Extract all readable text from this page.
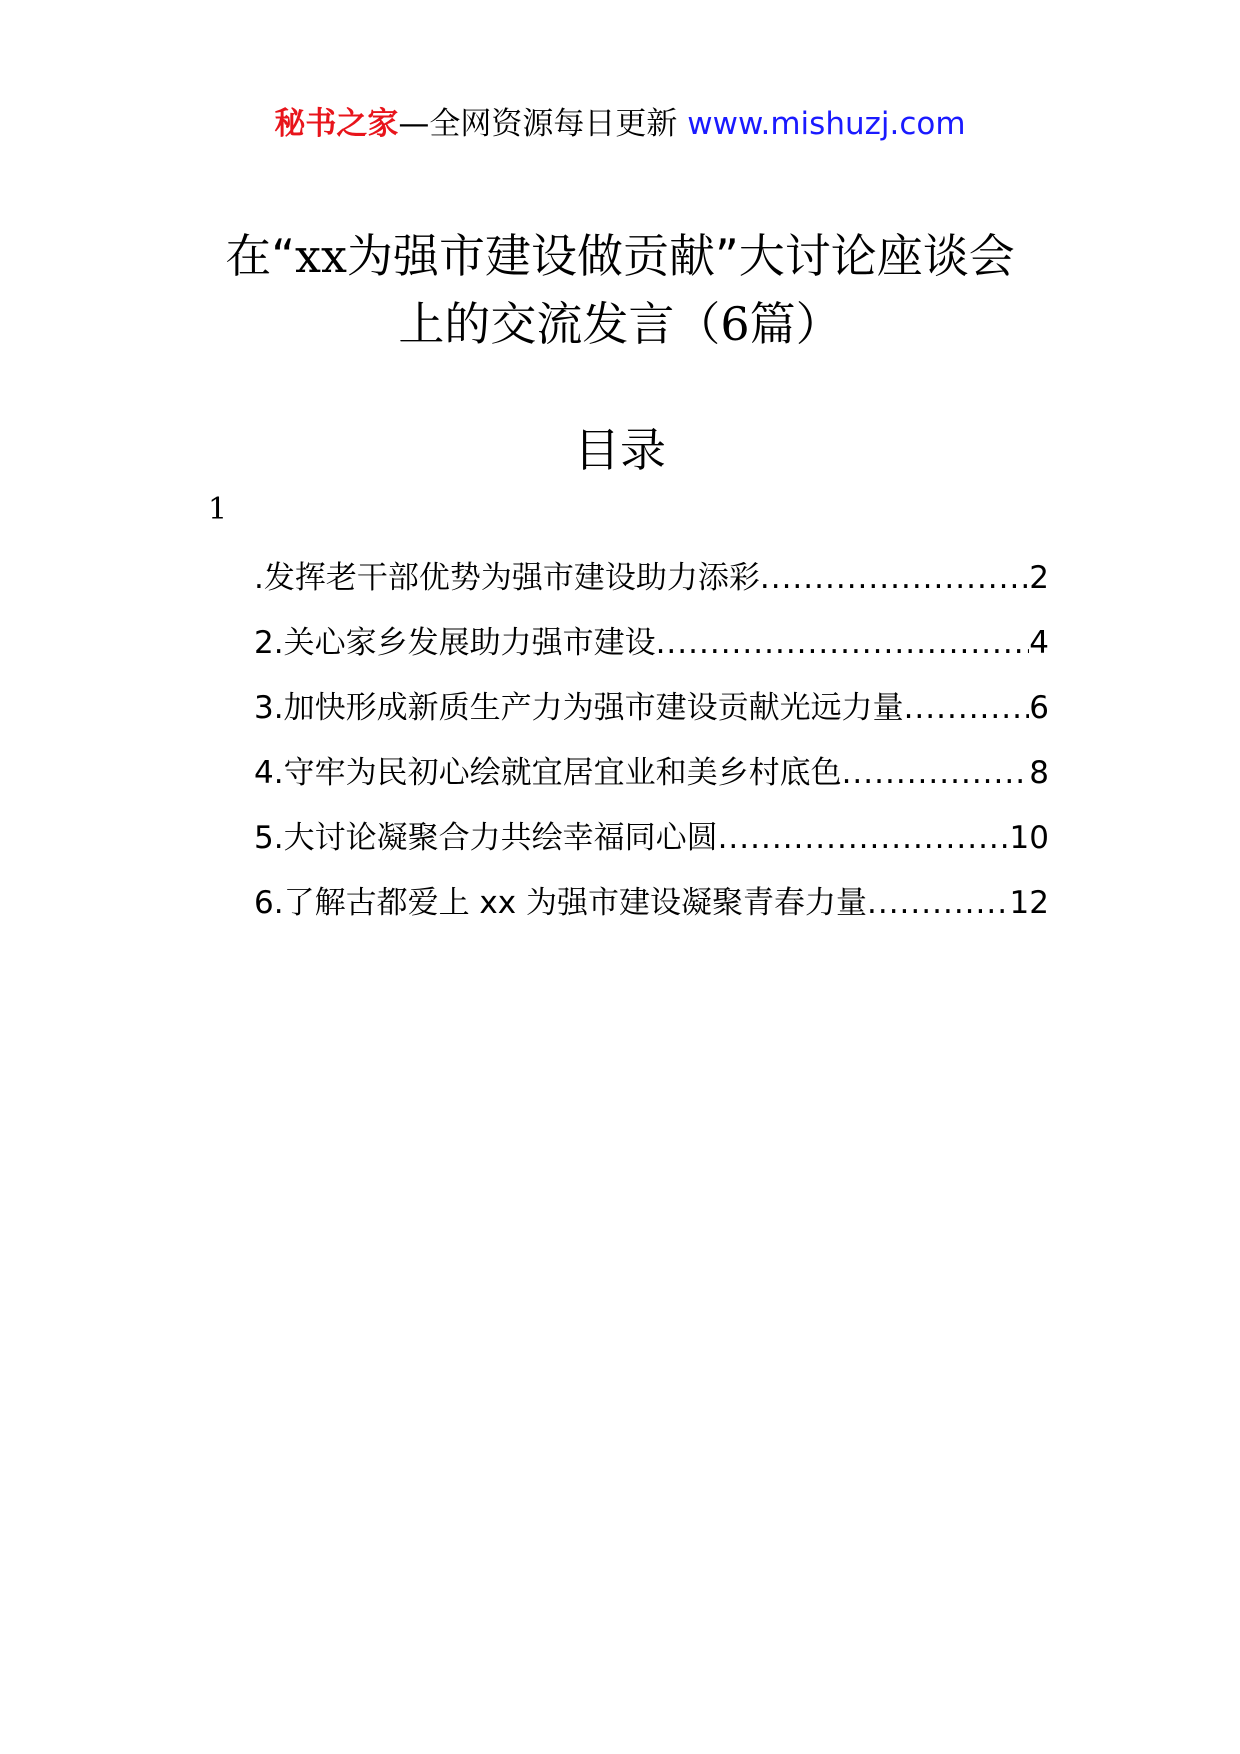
秘书之家—全网资源每日更新 www.mishuzj.com
在“xx为强市建设做贡献”大讨论座谈会
上的交流发言（6篇）
目录
1
.发挥老干部优势为强市建设助力添彩 .....	2
2.关心家乡发展助力强市建设 .....	4
3.加快形成新质生产力为强市建设贡献光远力量 .....	6
4.守牢为民初心绘就宜居宜业和美乡村底色 .....	8
5.大讨论凝聚合力共绘幸福同心圆 .....	10
6.了解古都爱上 xx 为强市建设凝聚青春力量 .....	12
